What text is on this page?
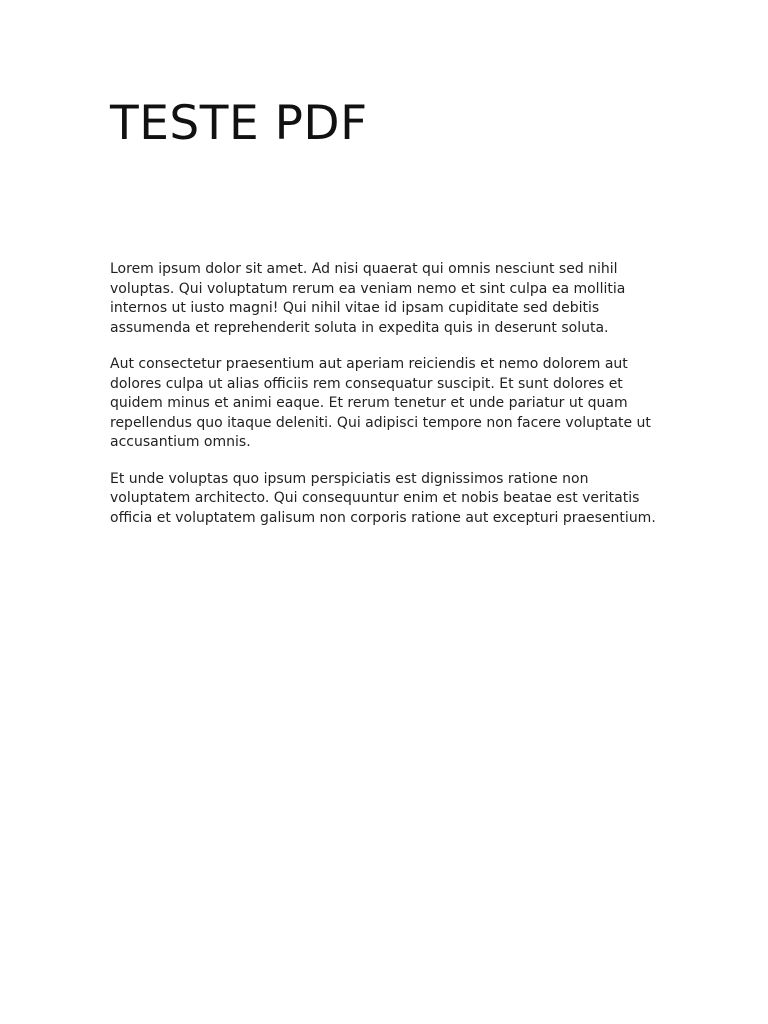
TESTE PDF

Lorem ipsum dolor sit amet. Ad nisi quaerat qui omnis nesciunt sed nihil voluptas. Qui voluptatum rerum ea veniam nemo et sint culpa ea mollitia internos ut iusto magni! Qui nihil vitae id ipsam cupiditate sed debitis assumenda et reprehenderit soluta in expedita quis in deserunt soluta.

Aut consectetur praesentium aut aperiam reiciendis et nemo dolorem aut dolores culpa ut alias officiis rem consequatur suscipit. Et sunt dolores et quidem minus et animi eaque. Et rerum tenetur et unde pariatur ut quam repellendus quo itaque deleniti. Qui adipisci tempore non facere voluptate ut accusantium omnis.

Et unde voluptas quo ipsum perspiciatis est dignissimos ratione non voluptatem architecto. Qui consequuntur enim et nobis beatae est veritatis officia et voluptatem galisum non corporis ratione aut excepturi praesentium.
